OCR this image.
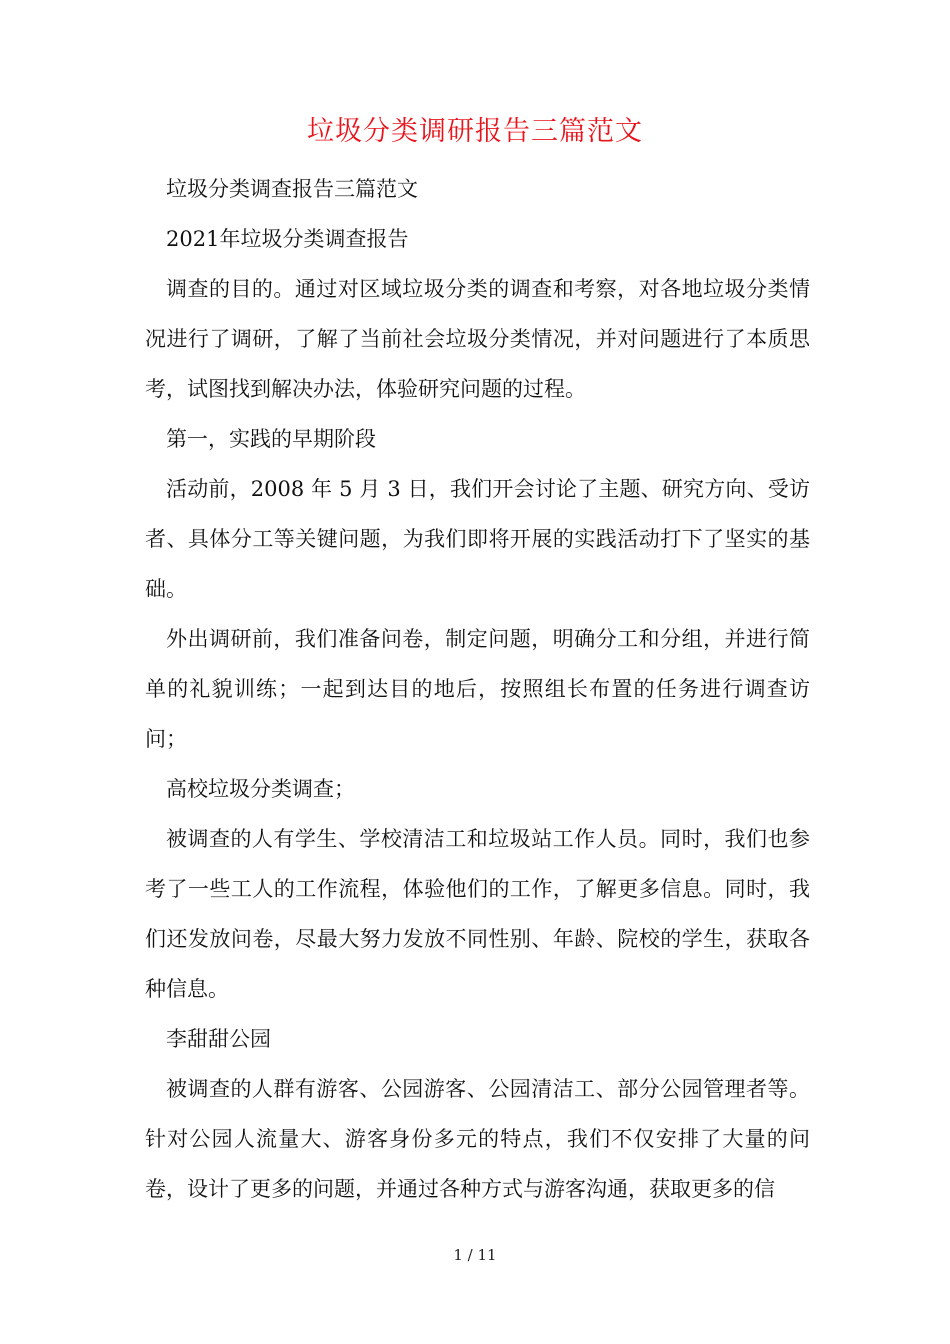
垃圾分类调研报告三篇范文

垃圾分类调查报告三篇范文

2021年垃圾分类调查报告

调查的目的。通过对区域垃圾分类的调查和考察，对各地垃圾分类情况进行了调研，了解了当前社会垃圾分类情况，并对问题进行了本质思考，试图找到解决办法，体验研究问题的过程。

第一，实践的早期阶段

活动前，2008 年 5 月 3 日，我们开会讨论了主题、研究方向、受访者、具体分工等关键问题，为我们即将开展的实践活动打下了坚实的基础。

外出调研前，我们准备问卷，制定问题，明确分工和分组，并进行简单的礼貌训练；一起到达目的地后，按照组长布置的任务进行调查访问；

高校垃圾分类调查；

被调查的人有学生、学校清洁工和垃圾站工作人员。同时，我们也参考了一些工人的工作流程，体验他们的工作，了解更多信息。同时，我们还发放问卷，尽最大努力发放不同性别、年龄、院校的学生，获取各种信息。

李甜甜公园

被调查的人群有游客、公园游客、公园清洁工、部分公园管理者等。针对公园人流量大、游客身份多元的特点，我们不仅安排了大量的问卷，设计了更多的问题，并通过各种方式与游客沟通，获取更多的信

1 / 11
